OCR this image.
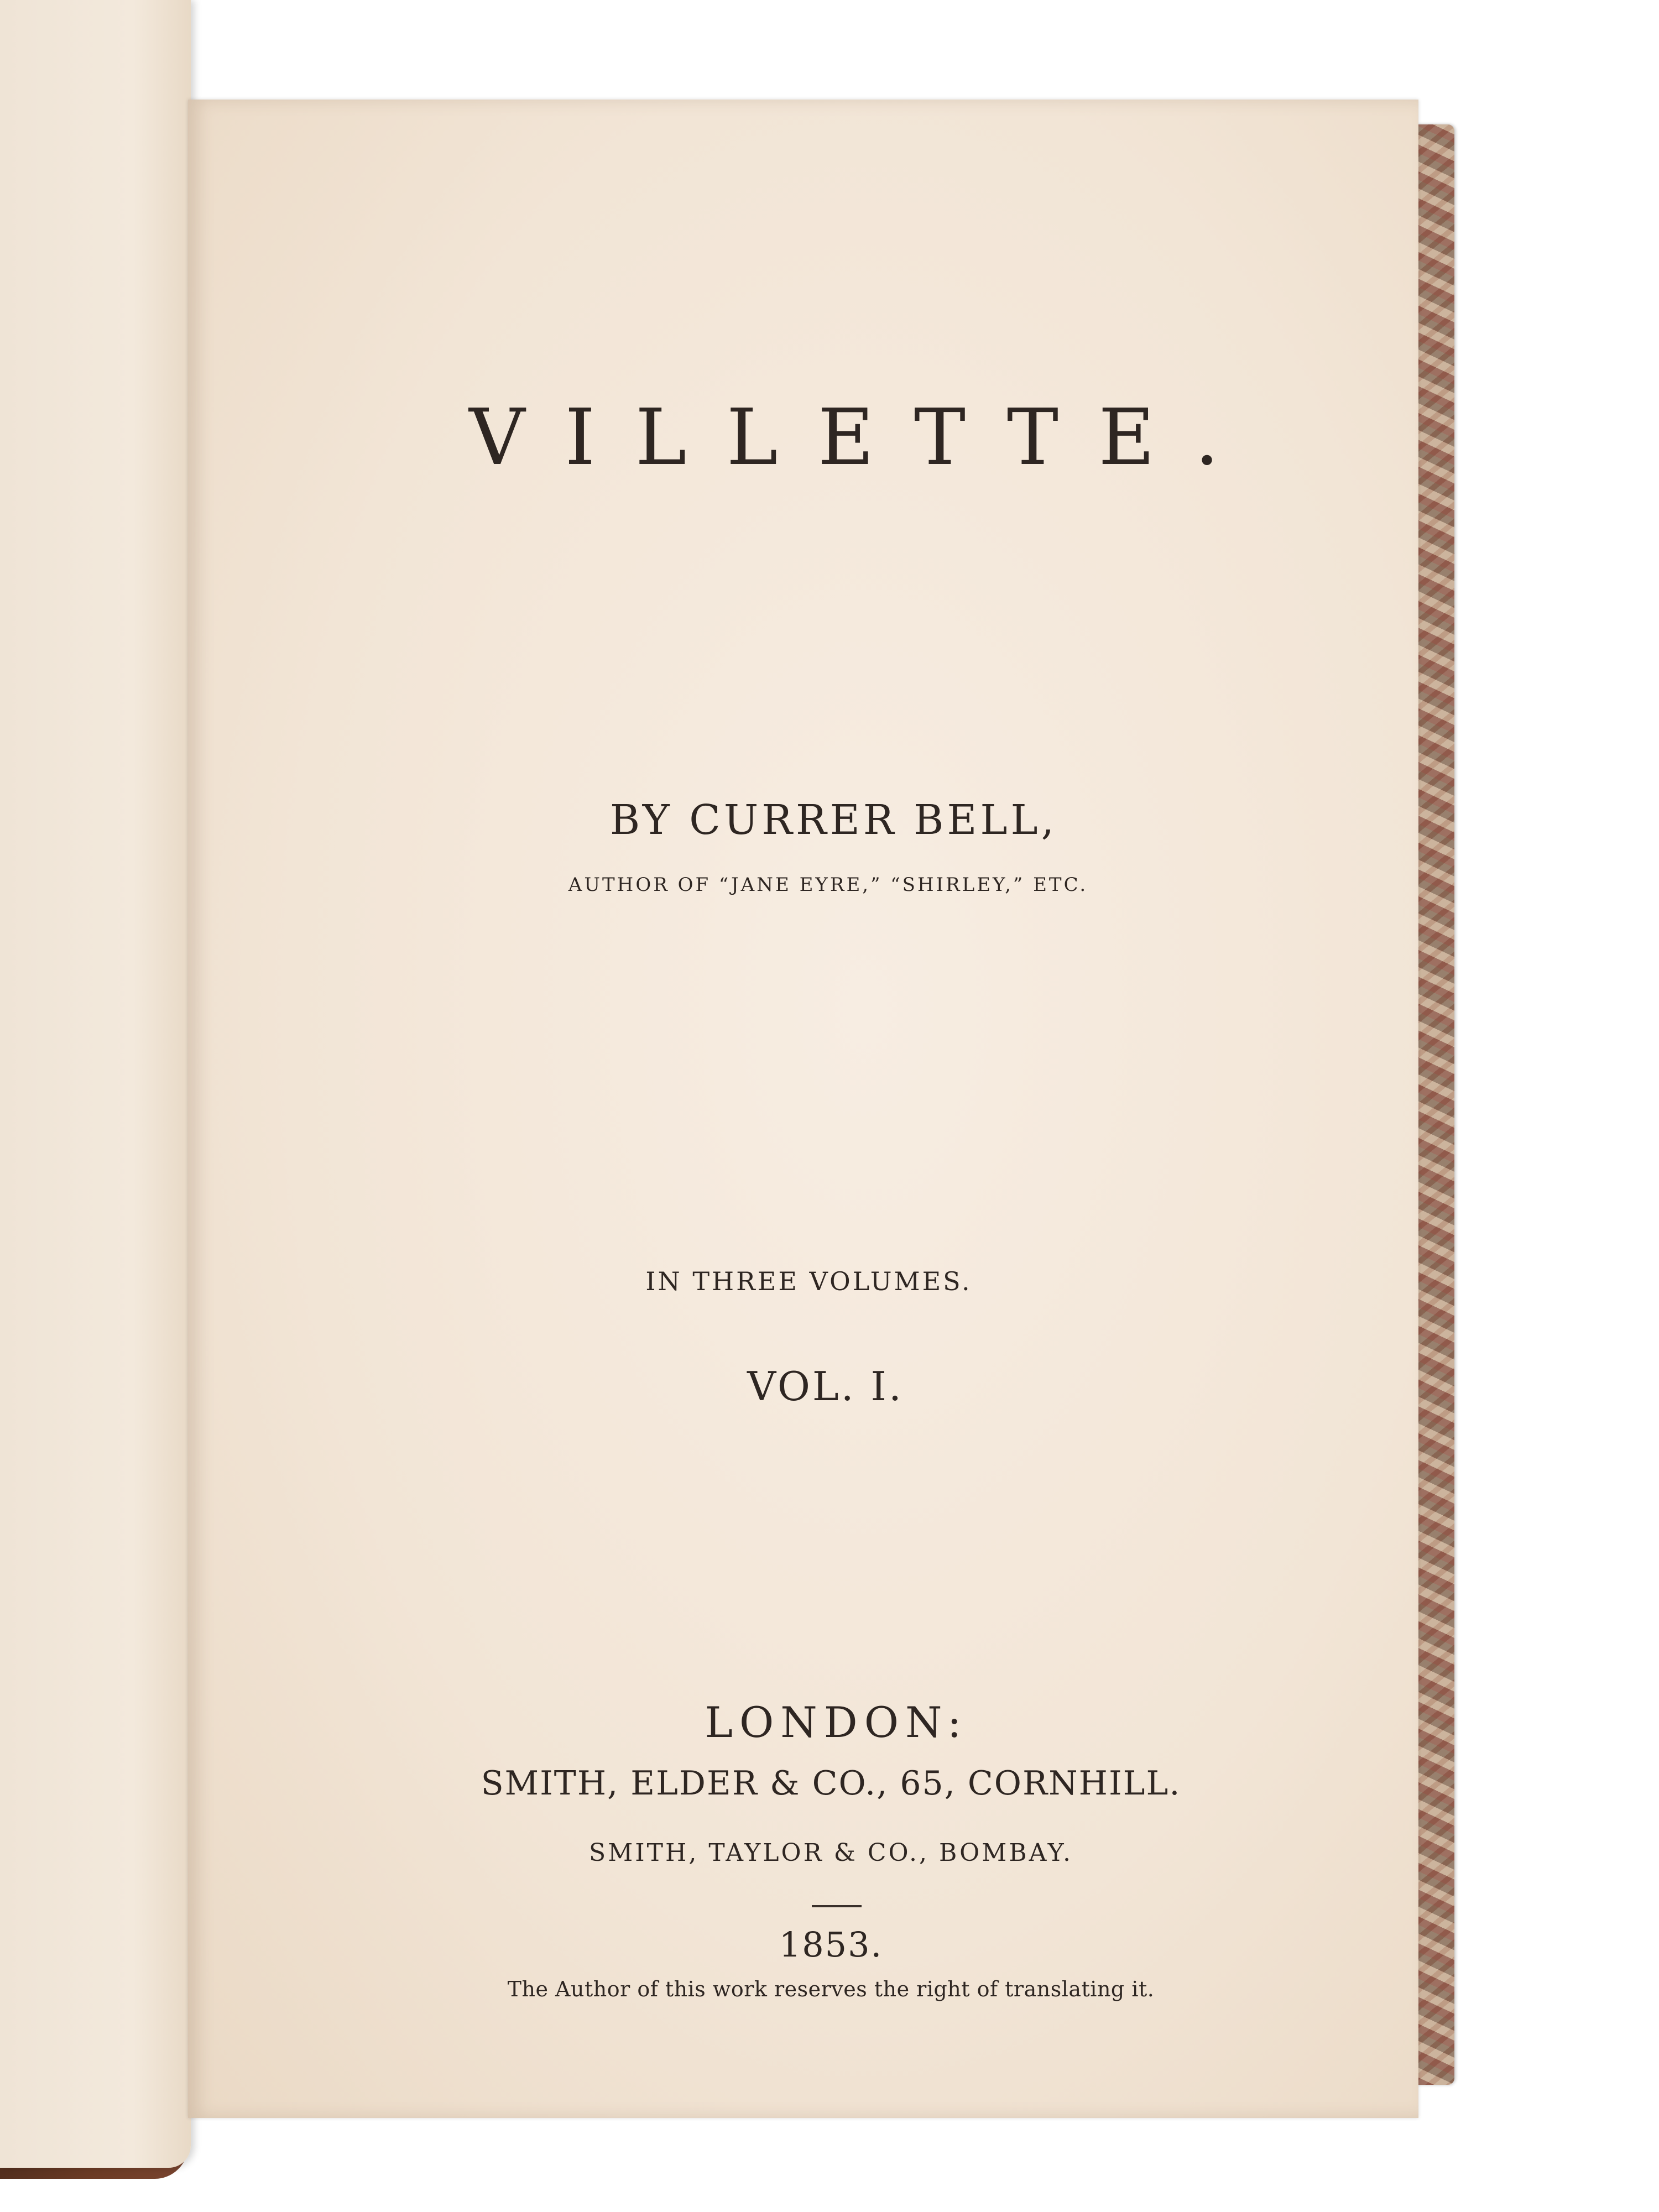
VILLETTE.
BY CURRER BELL,
AUTHOR OF “JANE EYRE,” “SHIRLEY,” ETC.
IN THREE VOLUMES.
VOL. I.
LONDON:
SMITH, ELDER & CO., 65, CORNHILL.
SMITH, TAYLOR & CO., BOMBAY.
1853.
The Author of this work reserves the right of translating it.
